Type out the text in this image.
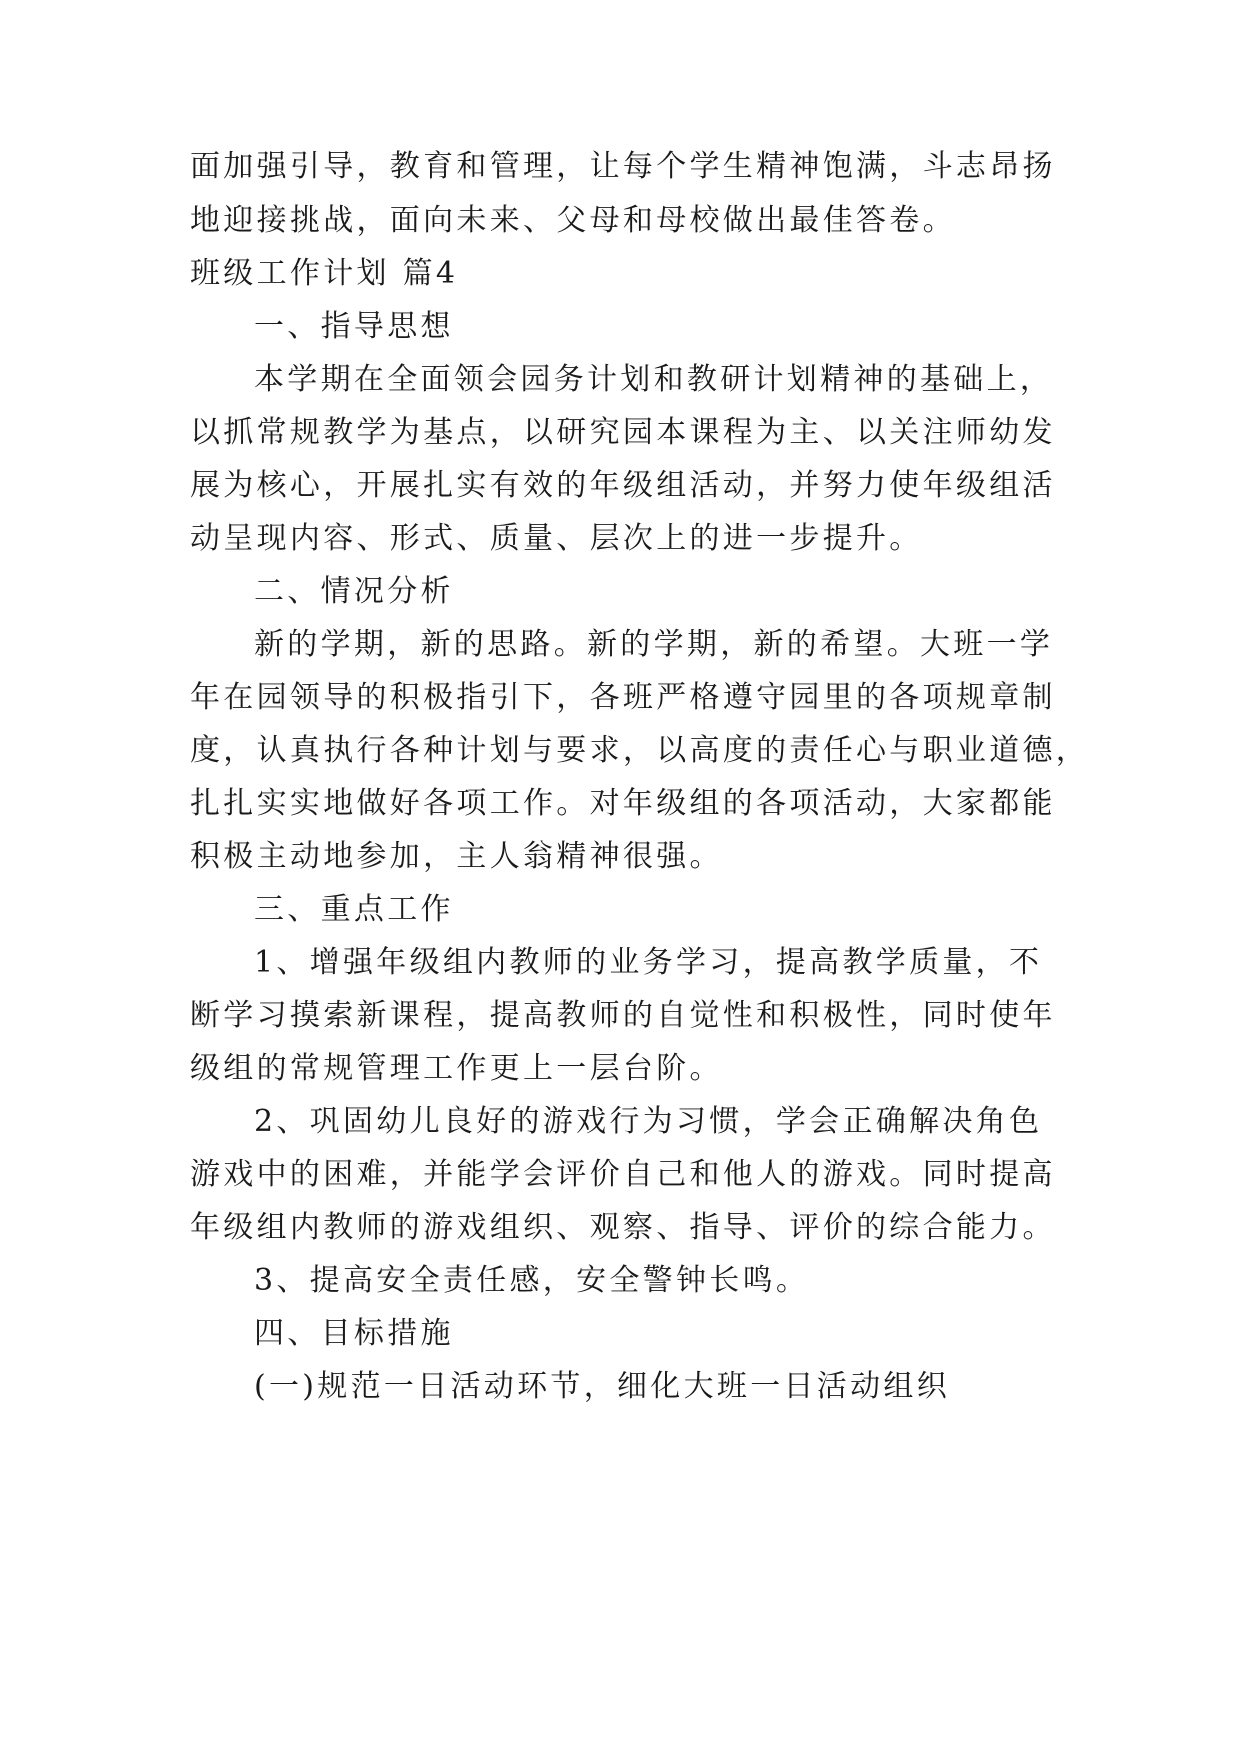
面加强引导，教育和管理，让每个学生精神饱满，斗志昂扬
地迎接挑战，面向未来、父母和母校做出最佳答卷。
班级工作计划 篇4
一、指导思想
本学期在全面领会园务计划和教研计划精神的基础上，
以抓常规教学为基点，以研究园本课程为主、以关注师幼发
展为核心，开展扎实有效的年级组活动，并努力使年级组活
动呈现内容、形式、质量、层次上的进一步提升。
二、情况分析
新的学期，新的思路。新的学期，新的希望。大班一学
年在园领导的积极指引下，各班严格遵守园里的各项规章制
度，认真执行各种计划与要求，以高度的责任心与职业道德，
扎扎实实地做好各项工作。对年级组的各项活动，大家都能
积极主动地参加，主人翁精神很强。
三、重点工作
1、增强年级组内教师的业务学习，提高教学质量，不
断学习摸索新课程，提高教师的自觉性和积极性，同时使年
级组的常规管理工作更上一层台阶。
2、巩固幼儿良好的游戏行为习惯，学会正确解决角色
游戏中的困难，并能学会评价自己和他人的游戏。同时提高
年级组内教师的游戏组织、观察、指导、评价的综合能力。
3、提高安全责任感，安全警钟长鸣。
四、目标措施
(一)规范一日活动环节，细化大班一日活动组织
